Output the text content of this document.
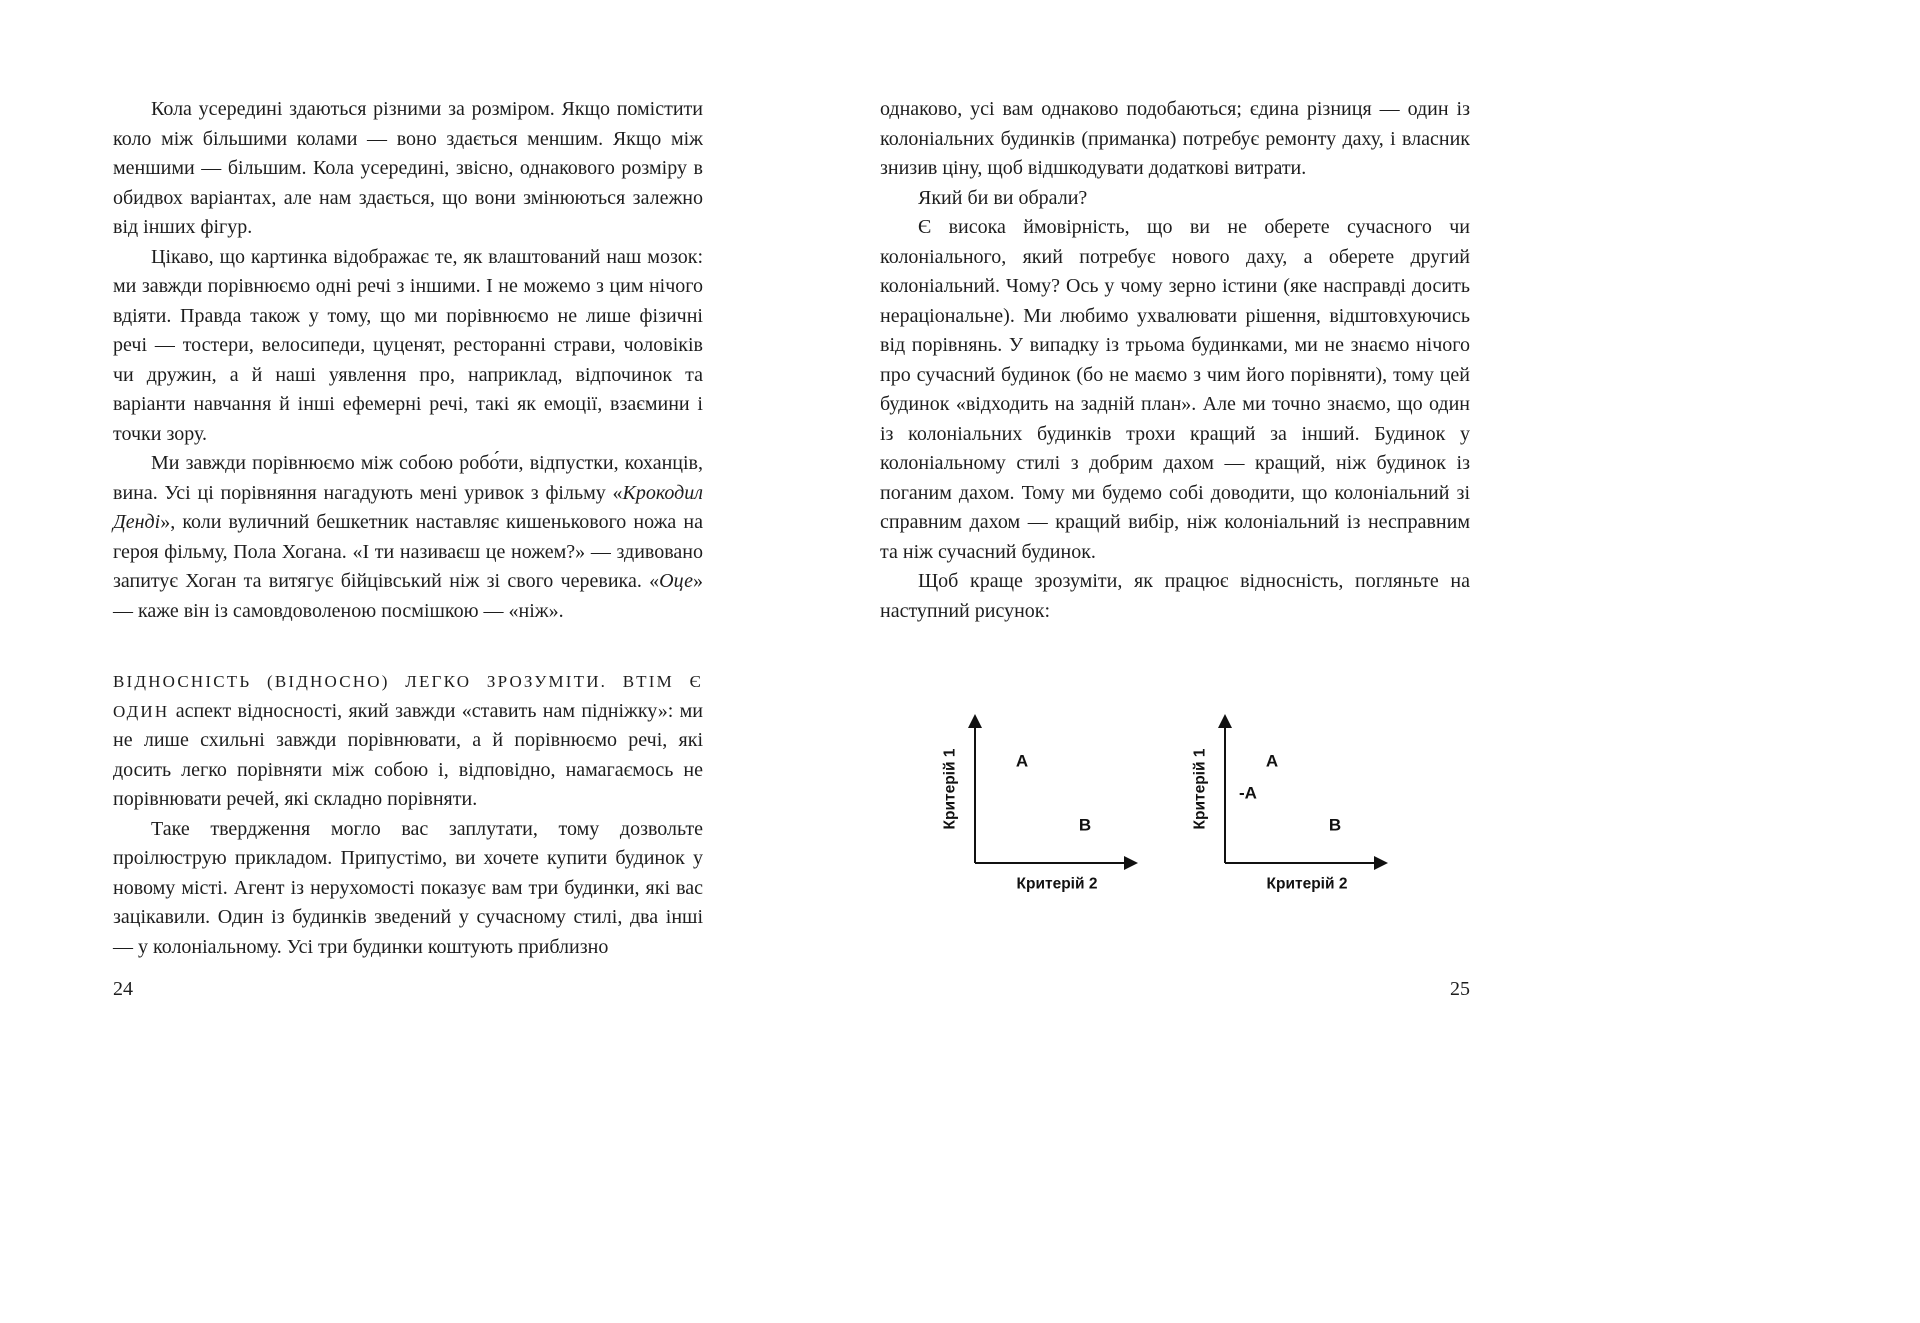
Кола усередині здаються різними за розміром. Якщо помістити коло між більшими колами — воно здається меншим. Якщо між меншими — більшим. Кола усередині, звісно, однакового розміру в обидвох варіантах, але нам здається, що вони змінюються залежно від інших фігур.

Цікаво, що картинка відображає те, як влаштований наш мозок: ми завжди порівнюємо одні речі з іншими. І не можемо з цим нічого вдіяти. Правда також у тому, що ми порівнюємо не лише фізичні речі — тостери, велосипеди, цуценят, ресторанні страви, чоловіків чи дружин, а й наші уявлення про, наприклад, відпочинок та варіанти навчання й інші ефемерні речі, такі як емоції, взаємини і точки зору.

Ми завжди порівнюємо між собою робо́ти, відпустки, коханців, вина. Усі ці порівняння нагадують мені уривок з фільму «Крокодил Денді», коли вуличний бешкетник наставляє кишенькового ножа на героя фільму, Пола Хогана. «І ти називаєш це ножем?» — здивовано запитує Хоган та витягує бійцівський ніж зі свого черевика. «Оце» — каже він із самовдоволеною посмішкою — «ніж».

ВІДНОСНІСТЬ (ВІДНОСНО) ЛЕГКО ЗРОЗУМІТИ. ВТІМ Є ОДИН аспект відносності, який завжди «ставить нам підніжку»: ми не лише схильні завжди порівнювати, а й порівнюємо речі, які досить легко порівняти між собою і, відповідно, намагаємось не порівнювати речей, які складно порівняти.

Таке твердження могло вас заплутати, тому дозвольте проілюструю прикладом. Припустімо, ви хочете купити будинок у новому місті. Агент із нерухомості показує вам три будинки, які вас зацікавили. Один із будинків зведений у сучасному стилі, два інші — у колоніальному. Усі три будинки коштують приблизно

24

однаково, усі вам однаково подобаються; єдина різниця — один із колоніальних будинків (приманка) потребує ремонту даху, і власник знизив ціну, щоб відшкодувати додаткові витрати.

Який би ви обрали?

Є висока ймовірність, що ви не оберете сучасного чи колоніального, який потребує нового даху, а оберете другий колоніальний. Чому? Ось у чому зерно істини (яке насправді досить нераціональне). Ми любимо ухвалювати рішення, відштовхуючись від порівнянь. У випадку із трьома будинками, ми не знаємо нічого про сучасний будинок (бо не маємо з чим його порівняти), тому цей будинок «відходить на задній план». Але ми точно знаємо, що один із колоніальних будинків трохи кращий за інший. Будинок у колоніальному стилі з добрим дахом — кращий, ніж будинок із поганим дахом. Тому ми будемо собі доводити, що колоніальний зі справним дахом — кращий вибір, ніж колоніальний із несправним та ніж сучасний будинок.

Щоб краще зрозуміти, як працює відносність, погляньте на наступний рисунок:

Критерій 1
Критерій 2
A
B	Критерій 1
Критерій 2
A
-A
B
25
